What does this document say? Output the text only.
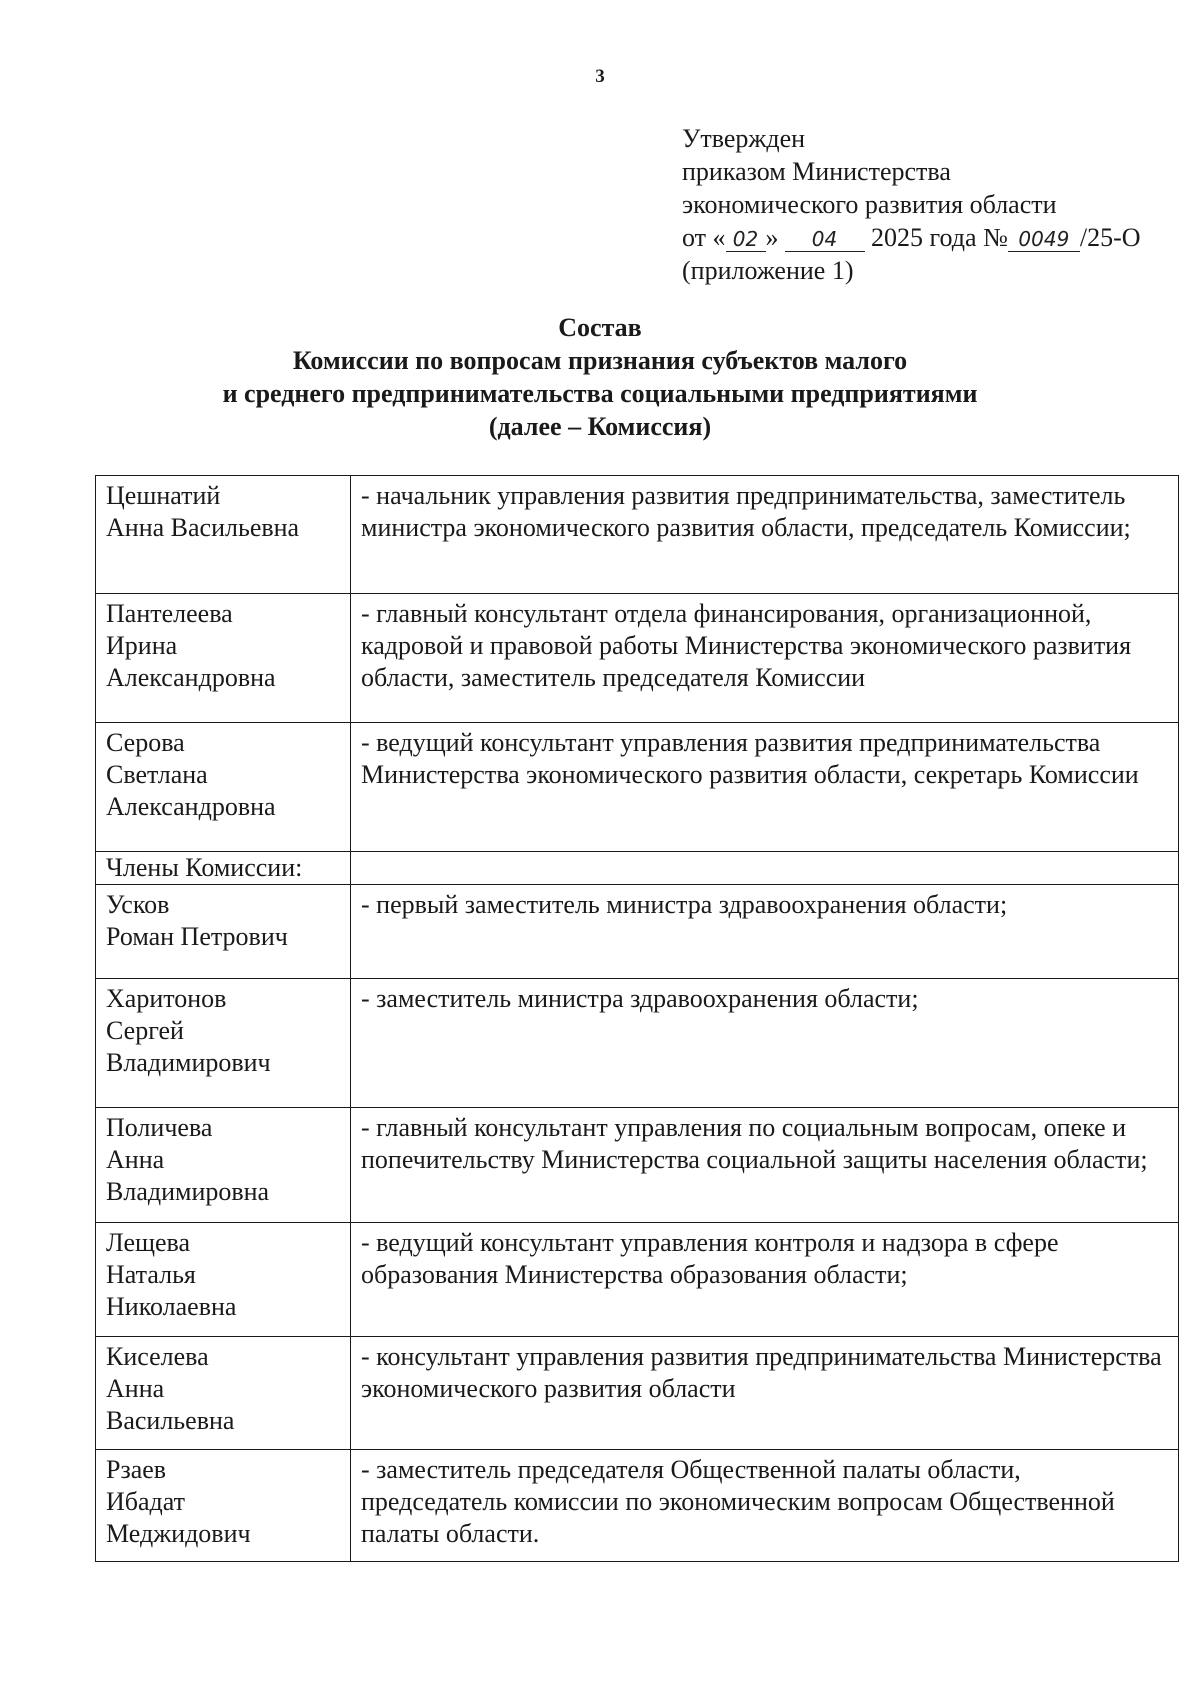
3
Утвержден
приказом Министерства
экономического развития области
от « 02 » 04 2025 года № 0049 /25-О
(приложение 1)
Состав
Комиссии по вопросам признания субъектов малого
и среднего предпринимательства социальными предприятиями
(далее – Комиссия)
Цешнатий
Анна Васильевна	- начальник управления развития предпринимательства, заместитель министра экономического развития области, председатель Комиссии;

Пантелеева
Ирина
Александровна	- главный консультант отдела финансирования, организационной, кадровой и правовой работы Министерства экономического развития области, заместитель председателя Комиссии

Серова
Светлана
Александровна	- ведущий консультант управления развития предпринимательства Министерства экономического развития области, секретарь Комиссии
Члены Комиссии:	

Усков
Роман Петрович	- первый заместитель министра здравоохранения области;

Харитонов
Сергей
Владимирович	- заместитель министра здравоохранения области;

Поличева
Анна
Владимировна	- главный консультант управления по социальным вопросам, опеке и попечительству Министерства социальной защиты населения области;

Лещева
Наталья
Николаевна	- ведущий консультант управления контроля и надзора в сфере образования Министерства образования области;

Киселева
Анна
Васильевна	- консультант управления развития предпринимательства Министерства экономического развития области

Рзаев
Ибадат
Меджидович	- заместитель председателя Общественной палаты области, председатель комиссии по экономическим вопросам Общественной палаты области.
